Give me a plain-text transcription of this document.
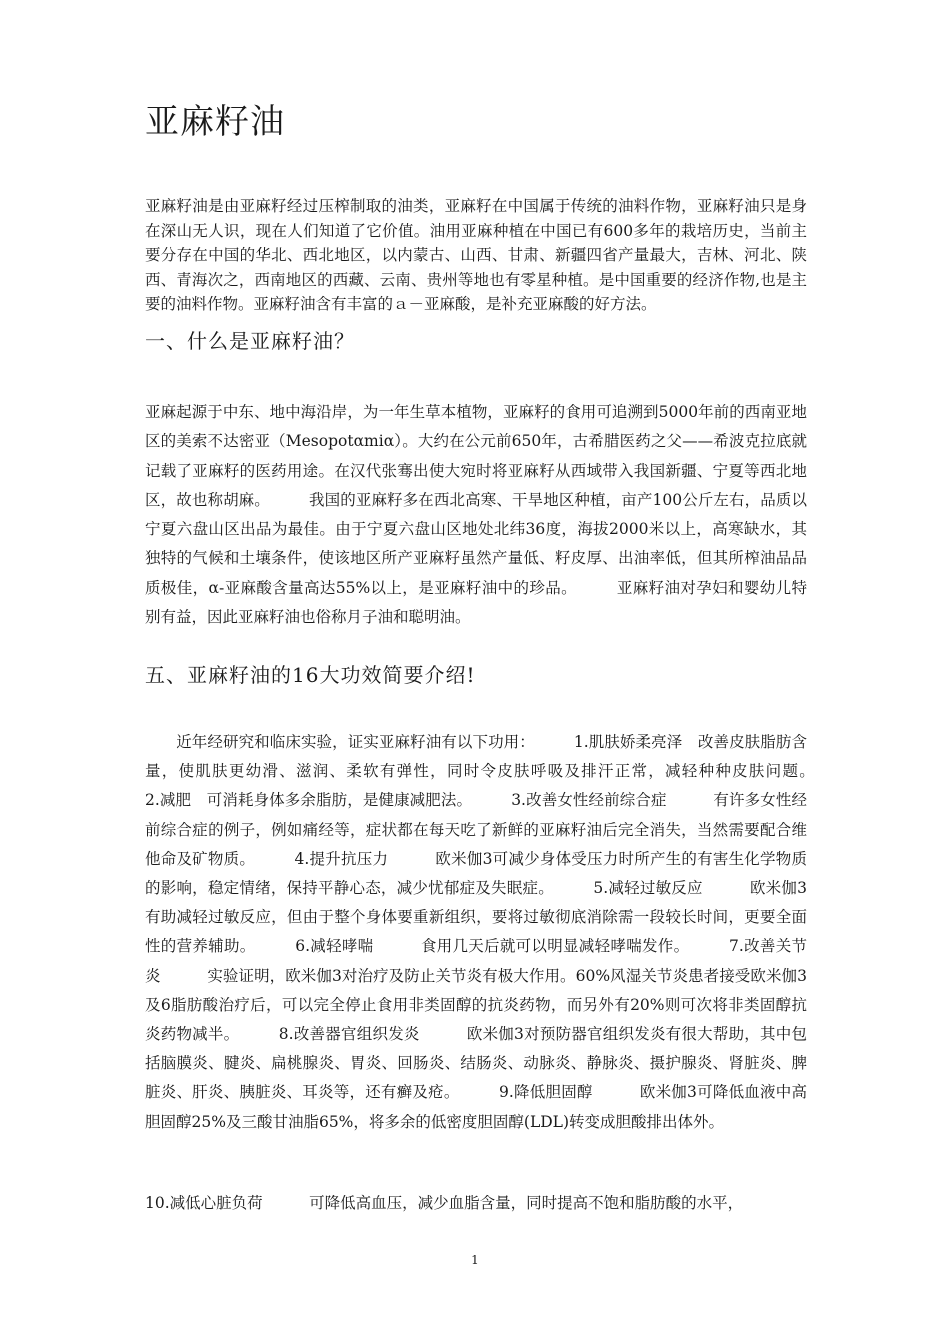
亚麻籽油

亚麻籽油是由亚麻籽经过压榨制取的油类，亚麻籽在中国属于传统的油料作物，亚麻籽油只是身在深山无人识，现在人们知道了它价值。油用亚麻种植在中国已有600多年的栽培历史，当前主要分存在中国的华北、西北地区，以内蒙古、山西、甘肃、新疆四省产量最大，吉林、河北、陕西、青海次之，西南地区的西藏、云南、贵州等地也有零星种植。是中国重要的经济作物,也是主要的油料作物。亚麻籽油含有丰富的ａ－亚麻酸，是补充亚麻酸的好方法。

一、什么是亚麻籽油？

亚麻起源于中东、地中海沿岸，为一年生草本植物，亚麻籽的食用可追溯到5000年前的西南亚地区的美索不达密亚（Mesopotαmiα）。大约在公元前650年，古希腊医药之父——希波克拉底就记载了亚麻籽的医药用途。在汉代张骞出使大宛时将亚麻籽从西域带入我国新疆、宁夏等西北地区，故也称胡麻。　　　我国的亚麻籽多在西北高寒、干旱地区种植，亩产100公斤左右，品质以宁夏六盘山区出品为最佳。由于宁夏六盘山区地处北纬36度，海拔2000米以上，高寒缺水，其独特的气候和土壤条件，使该地区所产亚麻籽虽然产量低、籽皮厚、出油率低，但其所榨油品品质极佳，α-亚麻酸含量高达55%以上，是亚麻籽油中的珍品。　　　亚麻籽油对孕妇和婴幼儿特别有益，因此亚麻籽油也俗称月子油和聪明油。

五、亚麻籽油的16大功效简要介绍!

　　近年经研究和临床实验，证实亚麻籽油有以下功用：　　　1.肌肤娇柔亮泽　改善皮肤脂肪含量，使肌肤更幼滑、滋润、柔软有弹性，同时令皮肤呼吸及排汗正常，减轻种种皮肤问题。　　　2.减肥　可消耗身体多余脂肪，是健康减肥法。　　　3.改善女性经前综合症　　　有许多女性经前综合症的例子，例如痛经等，症状都在每天吃了新鲜的亚麻籽油后完全消失，当然需要配合维他命及矿物质。　　　4.提升抗压力　　　欧米伽3可减少身体受压力时所产生的有害生化学物质的影响，稳定情绪，保持平静心态，减少忧郁症及失眠症。　　　5.减轻过敏反应　　　欧米伽3有助减轻过敏反应，但由于整个身体要重新组织，要将过敏彻底消除需一段较长时间，更要全面性的营养辅助。　　　6.减轻哮喘　　　食用几天后就可以明显减轻哮喘发作。　　　7.改善关节炎　　　实验证明，欧米伽3对治疗及防止关节炎有极大作用。60%风湿关节炎患者接受欧米伽3及6脂肪酸治疗后，可以完全停止食用非类固醇的抗炎药物，而另外有20%则可次将非类固醇抗炎药物减半。　　　8.改善器官组织发炎　　　欧米伽3对预防器官组织发炎有很大帮助，其中包括脑膜炎、腱炎、扁桃腺炎、胃炎、回肠炎、结肠炎、动脉炎、静脉炎、摄护腺炎、肾脏炎、脾脏炎、肝炎、胰脏炎、耳炎等，还有癣及疮。　　　9.降低胆固醇　　　欧米伽3可降低血液中高胆固醇25%及三酸甘油脂65%，将多余的低密度胆固醇(LDL)转变成胆酸排出体外。

10.减低心脏负荷　　　可降低高血压，减少血脂含量，同时提高不饱和脂肪酸的水平，

1
